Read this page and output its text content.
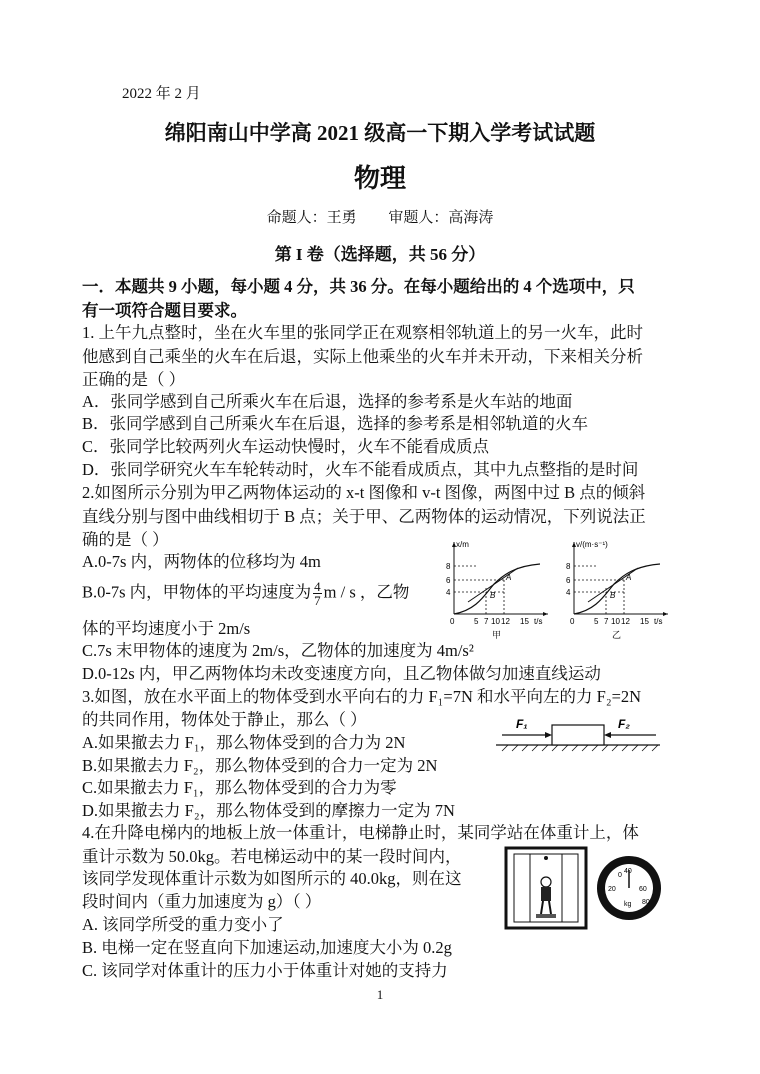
2022 年 2 月
绵阳南山中学高 2021 级高一下期入学考试试题
物理
命题人：王勇 审题人：高海涛
第 I 卷（选择题，共 56 分）
一．本题共 9 小题，每小题 4 分，共 36 分。在每小题给出的 4 个选项中，只
有一项符合题目要求。
1. 上午九点整时，坐在火车里的张同学正在观察相邻轨道上的另一火车，此时
他感到自己乘坐的火车在后退，实际上他乘坐的火车并未开动，下来相关分析
正确的是（ ）
A．张同学感到自己所乘火车在后退，选择的参考系是火车站的地面
B．张同学感到自己所乘火车在后退，选择的参考系是相邻轨道的火车
C．张同学比较两列火车运动快慢时，火车不能看成质点
D．张同学研究火车车轮转动时，火车不能看成质点，其中九点整指的是时间
2.如图所示分别为甲乙两物体运动的 x-t 图像和 v-t 图像，两图中过 B 点的倾斜
直线分别与图中曲线相切于 B 点；关于甲、乙两物体的运动情况，下列说法正
确的是（ ）
A.0-7s 内，两物体的位移均为 4m
B.0-7s 内，甲物体的平均速度为 $\frac{4}{7}$ m / s ，乙物
体的平均速度小于 2m/s
C.7s 末甲物体的速度为 2m/s，乙物体的加速度为 4m/s²
D.0-12s 内，甲乙两物体均未改变速度方向，且乙物体做匀加速直线运动
x/m
t/s
8
6
4
A
B
0 5 7 10 12 15
甲
v/(m·s⁻¹)
t/s
8
6
4
A
B
0 5 7 10 12 15
乙
3.如图，放在水平面上的物体受到水平向右的力 F₁=7N 和水平向左的力 F₂=2N
的共同作用，物体处于静止，那么（ ）
A.如果撤去力 F₁，那么物体受到的合力为 2N
B.如果撤去力 F₂，那么物体受到的合力一定为 2N
C.如果撤去力 F₁，那么物体受到的合力为零
D.如果撤去力 F₂，那么物体受到的摩擦力一定为 7N
F₁	F₂
4.在升降电梯内的地板上放一体重计，电梯静止时，某同学站在体重计上，体
重计示数为 50.0kg。若电梯运动中的某一段时间内，
该同学发现体重计示数为如图所示的 40.0kg，则在这
段时间内（重力加速度为 g）（ ）
A. 该同学所受的重力变小了
B. 电梯一定在竖直向下加速运动,加速度大小为 0.2g
C. 该同学对体重计的压力小于体重计对她的支持力
0
20
40
60
80
kg
1
